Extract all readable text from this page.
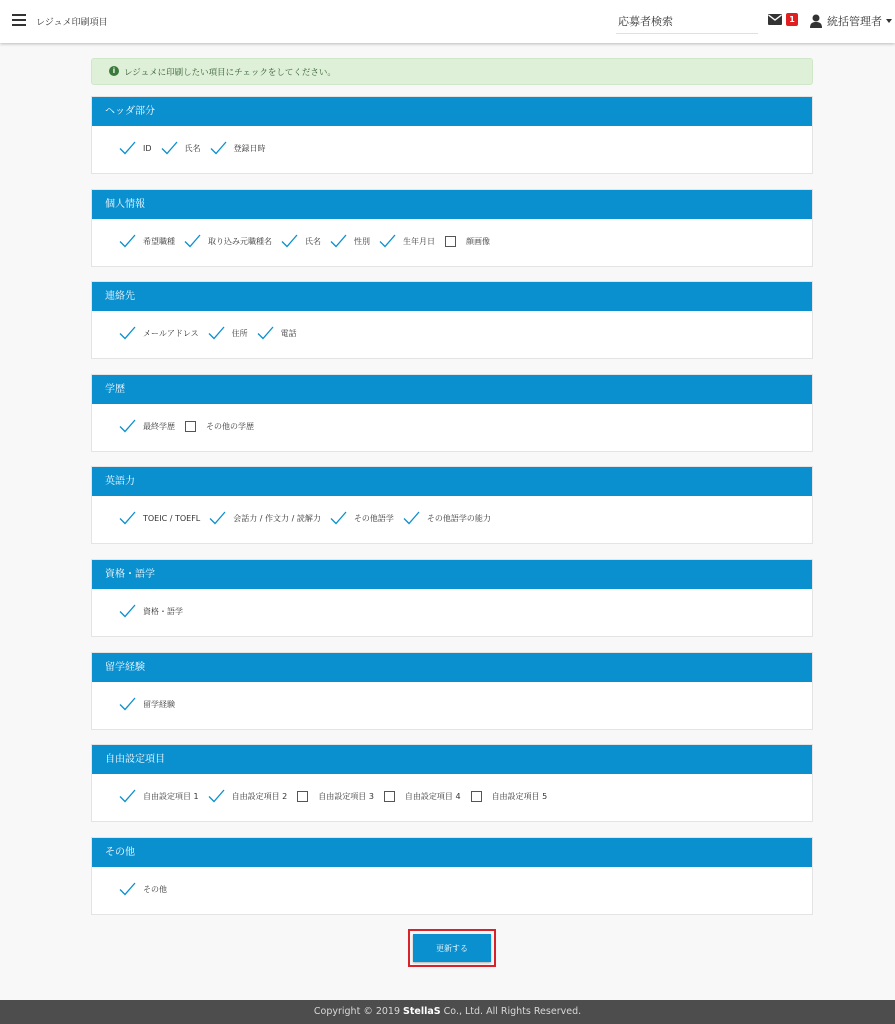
レジュメ印刷項目
応募者検索	1	統括管理者
i	レジュメに印刷したい項目にチェックをしてください。
ヘッダ部分
ID	氏名	登録日時
個人情報
希望職種	取り込み元職種名	氏名	性別	生年月日	顔画像
連絡先
メールアドレス	住所	電話
学歴
最終学歴	その他の学歴
英語力
TOEIC / TOEFL	会話力 / 作文力 / 読解力	その他語学	その他語学の能力
資格・語学
資格・語学
留学経験
留学経験
自由設定項目
自由設定項目 1	自由設定項目 2	自由設定項目 3	自由設定項目 4	自由設定項目 5
その他
その他
更新する
Copyright © 2019 StellaS Co., Ltd. All Rights Reserved.
